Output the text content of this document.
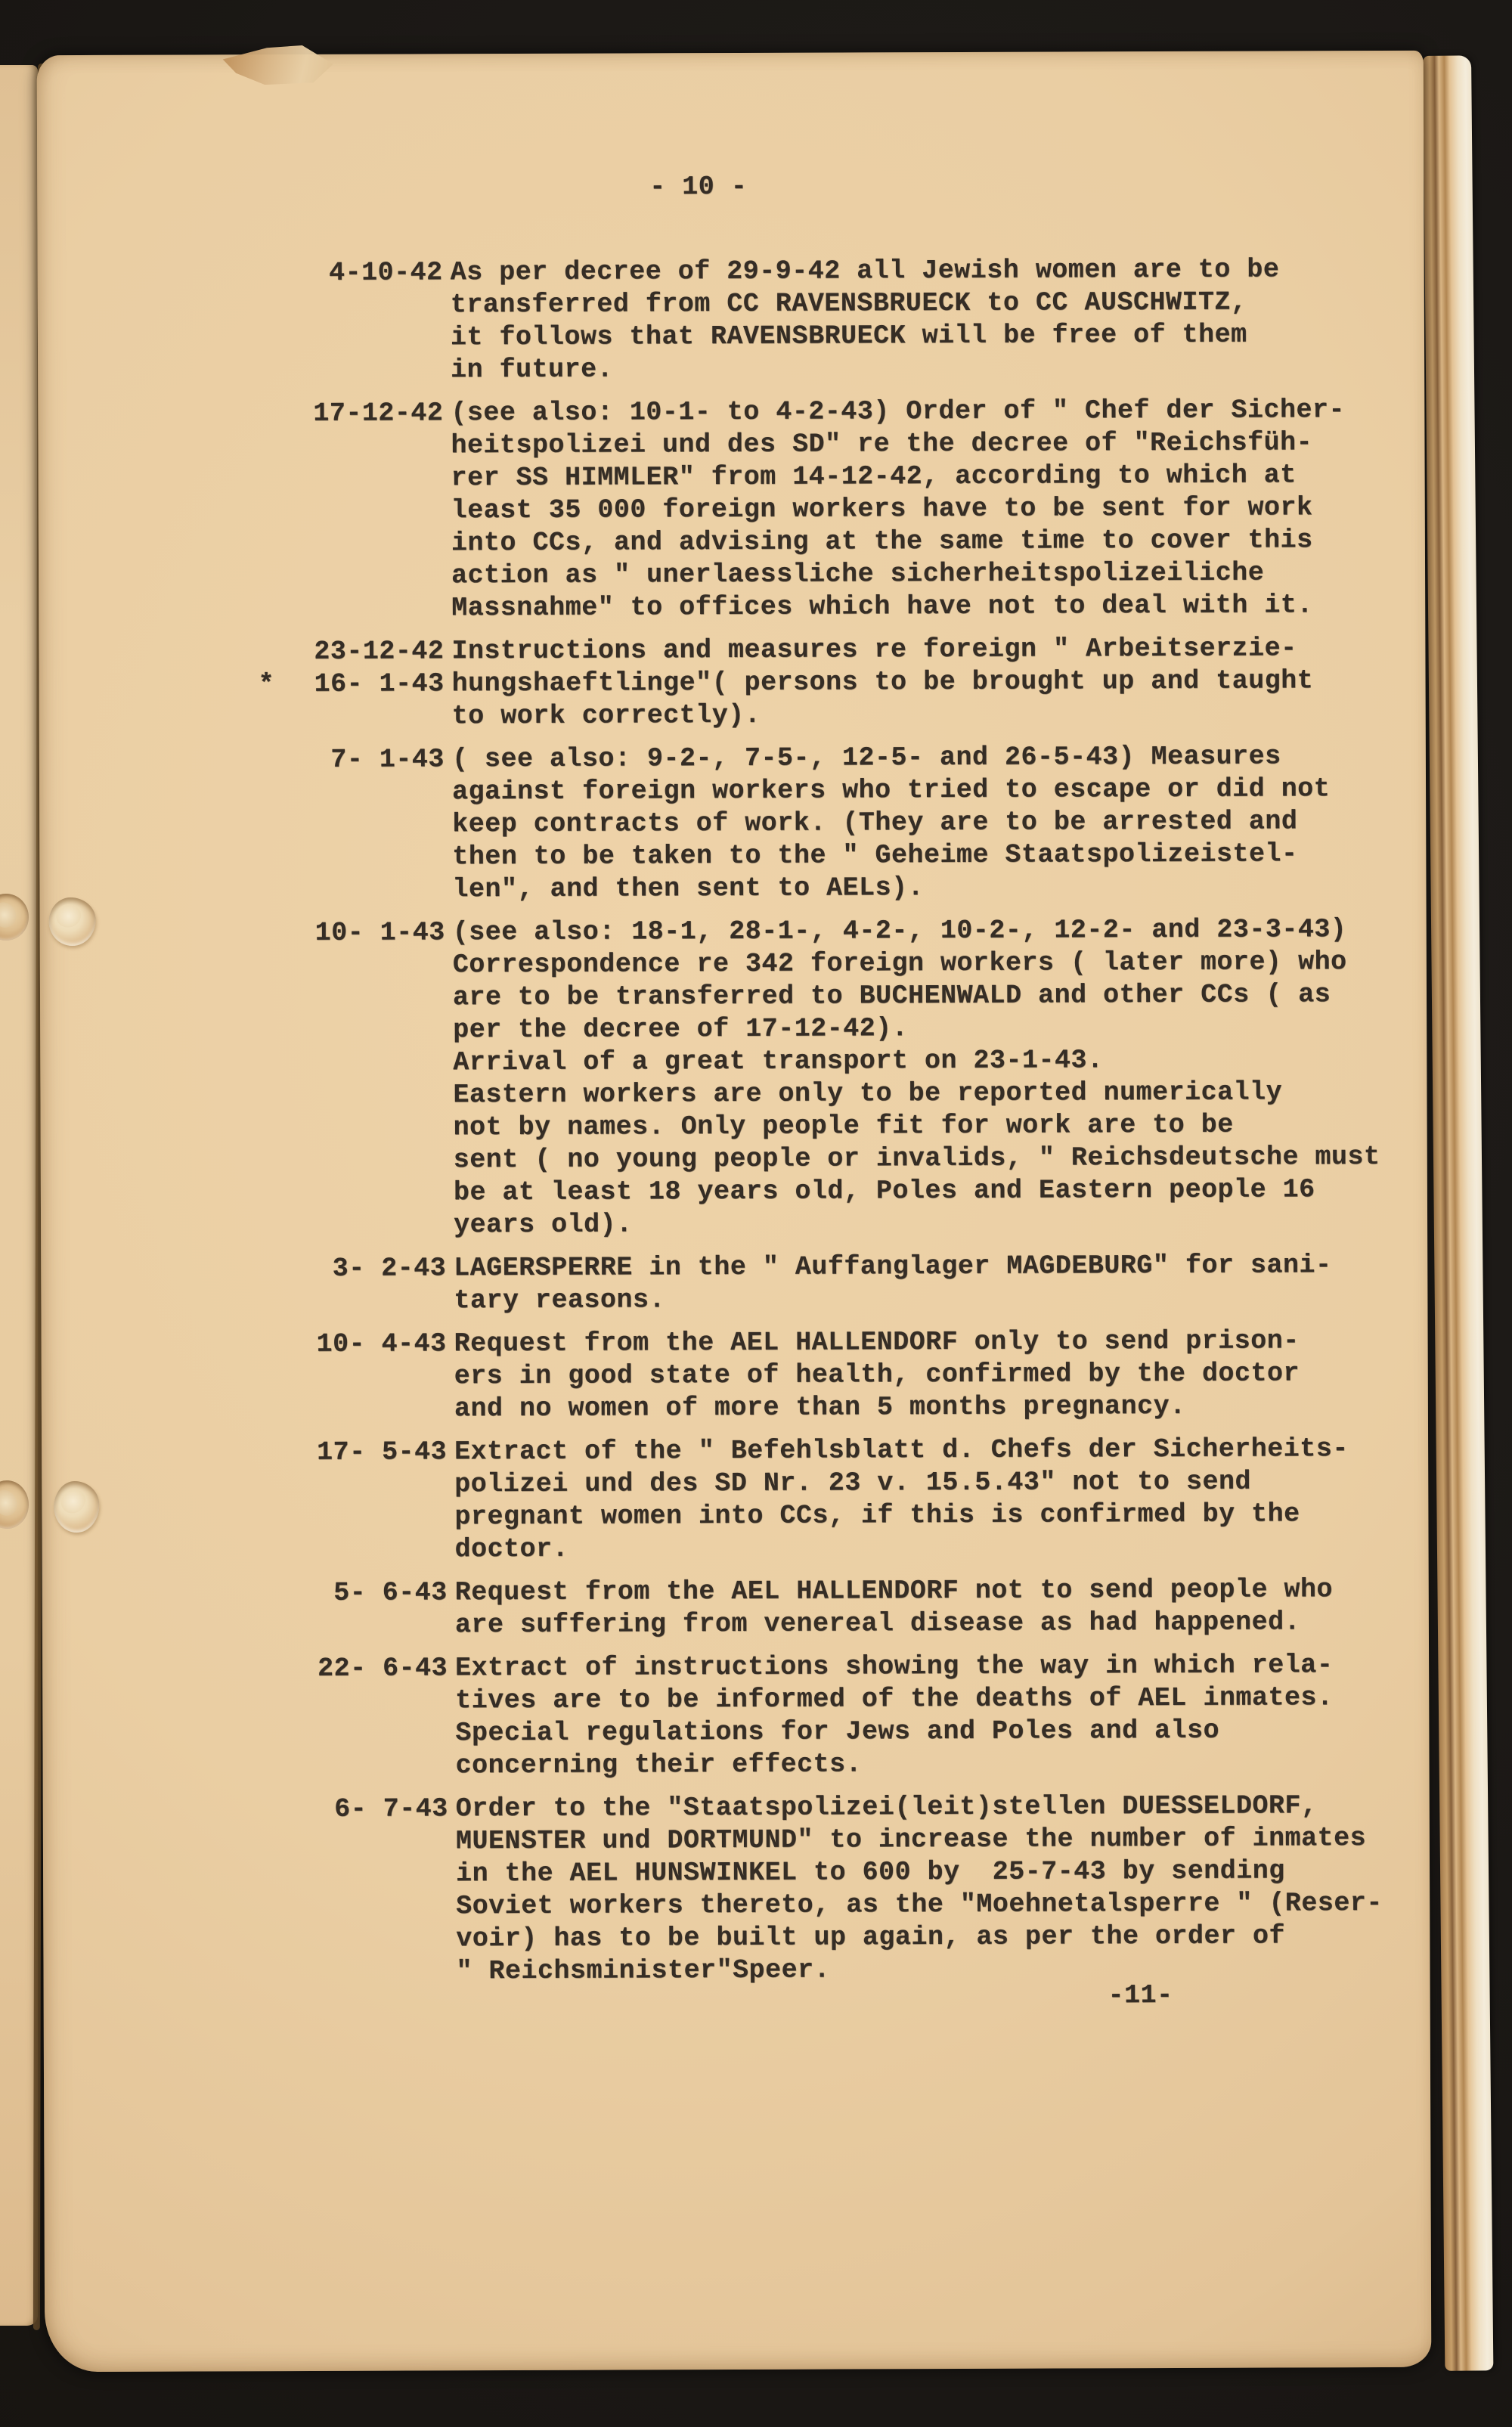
- 10 -
4-10-42 As per decree of 29-9-42 all Jewish women are to be
transferred from CC RAVENSBRUECK to CC AUSCHWITZ,
it follows that RAVENSBRUECK will be free of them
in future.
17-12-42 (see also: 10-1- to 4-2-43) Order of " Chef der Sicher-
heitspolizei und des SD" re the decree of "Reichsfüh-
rer SS HIMMLER" from 14-12-42, according to which at
least 35 000 foreign workers have to be sent for work
into CCs, and advising at the same time to cover this
action as " unerlaessliche sicherheitspolizeiliche
Massnahme" to offices which have not to deal with it.
23-12-42
16- 1-43
*
Instructions and measures re foreign " Arbeitserzie-
hungshaeftlinge"( persons to be brought up and taught
to work correctly).
7- 1-43 ( see also: 9-2-, 7-5-, 12-5- and 26-5-43) Measures
against foreign workers who tried to escape or did not
keep contracts of work. (They are to be arrested and
then to be taken to the " Geheime Staatspolizeistel-
len", and then sent to AELs).
10- 1-43 (see also: 18-1, 28-1-, 4-2-, 10-2-, 12-2- and 23-3-43)
Correspondence re 342 foreign workers ( later more) who
are to be transferred to BUCHENWALD and other CCs ( as
per the decree of 17-12-42).
Arrival of a great transport on 23-1-43.
Eastern workers are only to be reported numerically
not by names. Only people fit for work are to be
sent ( no young people or invalids, " Reichsdeutsche must
be at least 18 years old, Poles and Eastern people 16
years old).
3- 2-43 LAGERSPERRE in the " Auffanglager MAGDEBURG" for sani-
tary reasons.
10- 4-43 Request from the AEL HALLENDORF only to send prison-
ers in good state of health, confirmed by the doctor
and no women of more than 5 months pregnancy.
17- 5-43 Extract of the " Befehlsblatt d. Chefs der Sicherheits-
polizei und des SD Nr. 23 v. 15.5.43" not to send
pregnant women into CCs, if this is confirmed by the
doctor.
5- 6-43 Request from the AEL HALLENDORF not to send people who
are suffering from venereal disease as had happened.
22- 6-43 Extract of instructions showing the way in which rela-
tives are to be informed of the deaths of AEL inmates.
Special regulations for Jews and Poles and also
concerning their effects.
6- 7-43 Order to the "Staatspolizei(leit)stellen DUESSELDORF,
MUENSTER und DORTMUND" to increase the number of inmates
in the AEL HUNSWINKEL to 600 by  25-7-43 by sending
Soviet workers thereto, as the "Moehnetalsperre " (Reser-
voir) has to be built up again, as per the order of
" Reichsminister"Speer.
-11-
